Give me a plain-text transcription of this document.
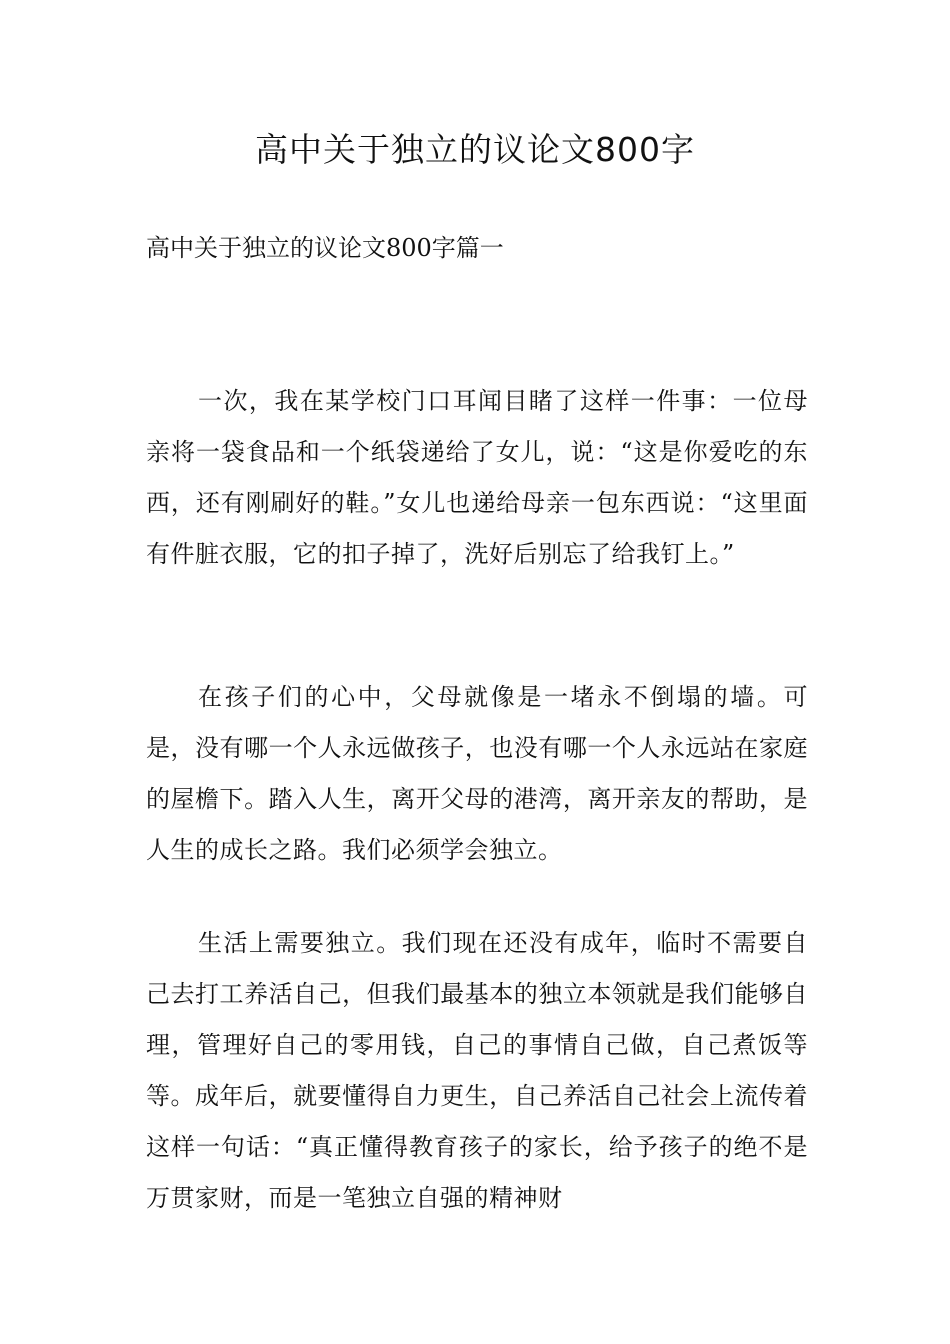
高中关于独立的议论文800字

高中关于独立的议论文800字篇一

一次，我在某学校门口耳闻目睹了这样一件事：一位母亲将一袋食品和一个纸袋递给了女儿，说：“这是你爱吃的东西，还有刚刷好的鞋。”女儿也递给母亲一包东西说：“这里面有件脏衣服，它的扣子掉了，洗好后别忘了给我钉上。”

在孩子们的心中，父母就像是一堵永不倒塌的墙。可是，没有哪一个人永远做孩子，也没有哪一个人永远站在家庭的屋檐下。踏入人生，离开父母的港湾，离开亲友的帮助，是人生的成长之路。我们必须学会独立。

生活上需要独立。我们现在还没有成年，临时不需要自己去打工养活自己，但我们最基本的独立本领就是我们能够自理，管理好自己的零用钱，自己的事情自己做，自己煮饭等等。成年后，就要懂得自力更生，自己养活自己社会上流传着这样一句话：“真正懂得教育孩子的家长，给予孩子的绝不是万贯家财，而是一笔独立自强的精神财
